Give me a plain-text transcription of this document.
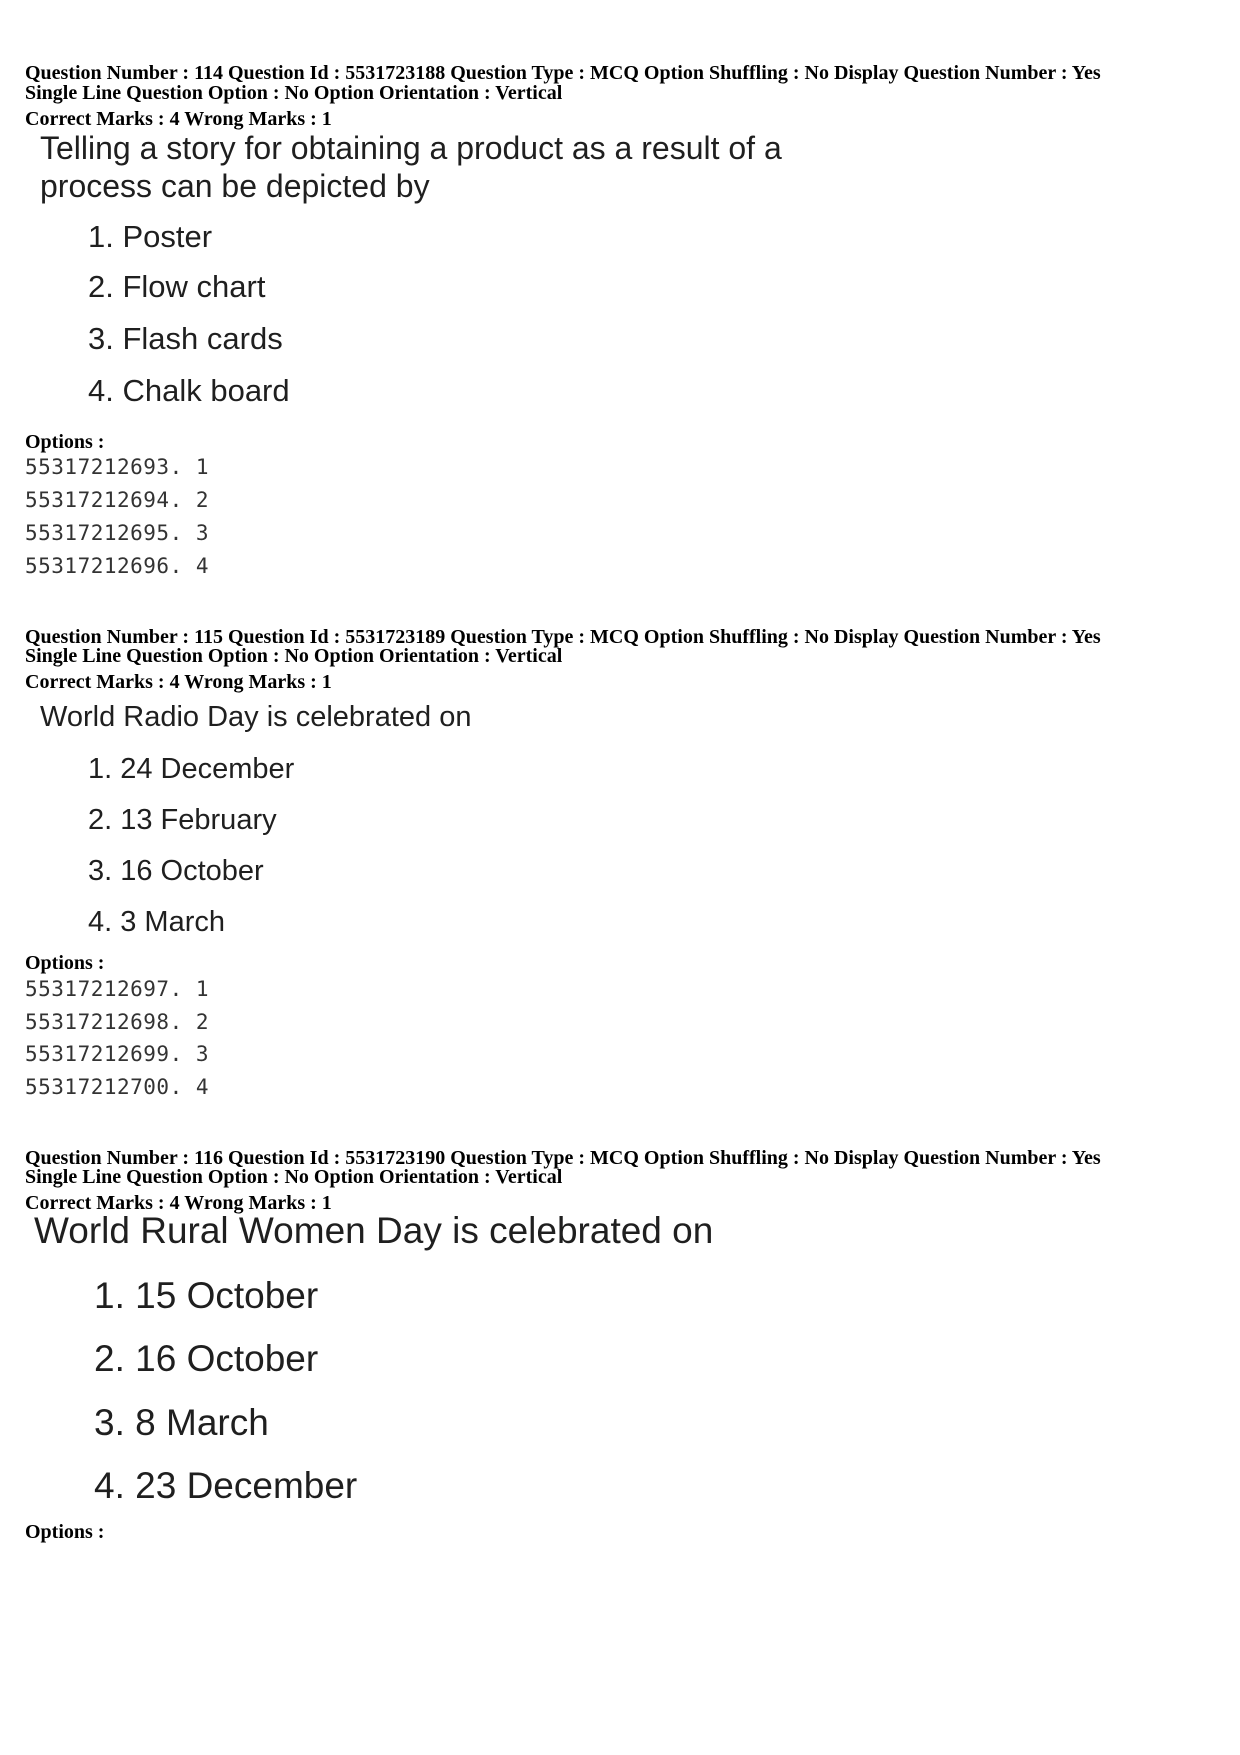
Question Number : 114 Question Id : 5531723188 Question Type : MCQ Option Shuffling : No Display Question Number : Yes
Single Line Question Option : No Option Orientation : Vertical
Correct Marks : 4 Wrong Marks : 1
Telling a story for obtaining a product as a result of a
process can be depicted by
1. Poster
2. Flow chart
3. Flash cards
4. Chalk board
Options :
55317212693. 1
55317212694. 2
55317212695. 3
55317212696. 4
Question Number : 115 Question Id : 5531723189 Question Type : MCQ Option Shuffling : No Display Question Number : Yes
Single Line Question Option : No Option Orientation : Vertical
Correct Marks : 4 Wrong Marks : 1
World Radio Day is celebrated on
1. 24 December
2. 13 February
3. 16 October
4. 3 March
Options :
55317212697. 1
55317212698. 2
55317212699. 3
55317212700. 4
Question Number : 116 Question Id : 5531723190 Question Type : MCQ Option Shuffling : No Display Question Number : Yes
Single Line Question Option : No Option Orientation : Vertical
Correct Marks : 4 Wrong Marks : 1
World Rural Women Day is celebrated on
1. 15 October
2. 16 October
3. 8 March
4. 23 December
Options :
